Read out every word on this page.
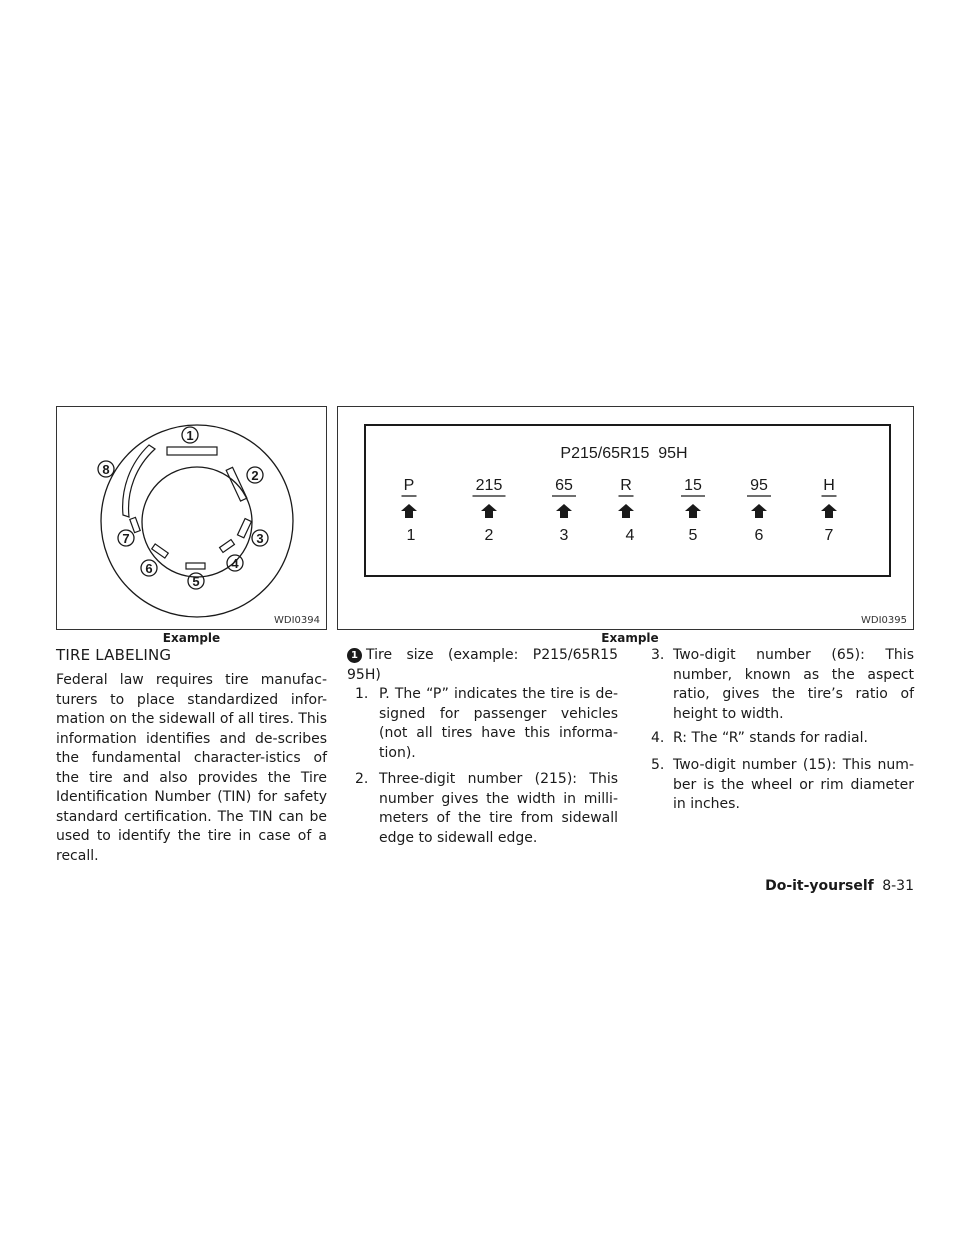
1
2
3
4
5
6
7
8
WDI0394
Example
P215/65R15  95H
P
1
215
2
65
3
R
4
15
5
95
6
H
7
WDI0395
Example
TIRE LABELING
Federal law requires tire manufac-turers to place standardized infor-mation on the sidewall of all tires. This information identifies and de-scribes the fundamental character-istics of the tire and also provides the Tire Identification Number (TIN) for safety standard certification. The TIN can be used to identify the tire in case of a recall.
1 Tire size (example: P215/65R15 95H)
1. P. The “P” indicates the tire is de-signed for passenger vehicles (not all tires have this informa-tion).
2. Three-digit number (215): This number gives the width in milli-meters of the tire from sidewall edge to sidewall edge.
3. Two-digit number (65): This number, known as the aspect ratio, gives the tire’s ratio of height to width.
4. R: The “R” stands for radial.
5. Two-digit number (15): This num-ber is the wheel or rim diameter in inches.
Do-it-yourself 8-31
